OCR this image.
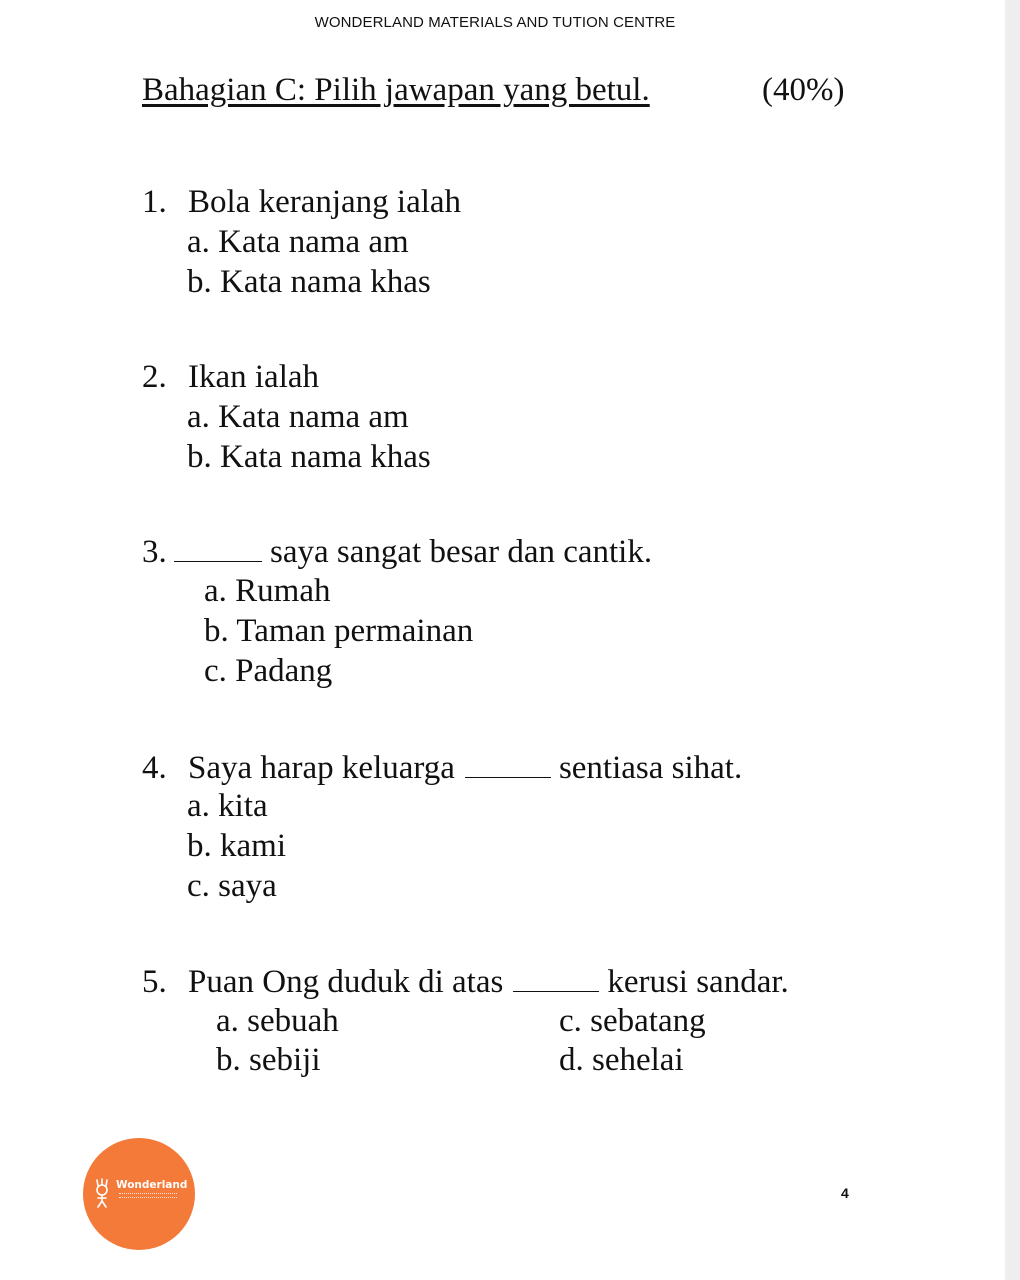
WONDERLAND MATERIALS AND TUTION CENTRE
Bahagian C: Pilih jawapan yang betul.	(40%)
1. Bola keranjang ialah
a. Kata nama am
b. Kata nama khas
2. Ikan ialah
a. Kata nama am
b. Kata nama khas
3.	saya sangat besar dan cantik.
a. Rumah
b. Taman permainan
c. Padang
4. Saya harap keluarga	sentiasa sihat.
a. kita
b. kami
c. saya
5. Puan Ong duduk di atas	kerusi sandar.
a. sebuah	c. sebatang
b. sebiji	d. sehelai
Wonderland	4
